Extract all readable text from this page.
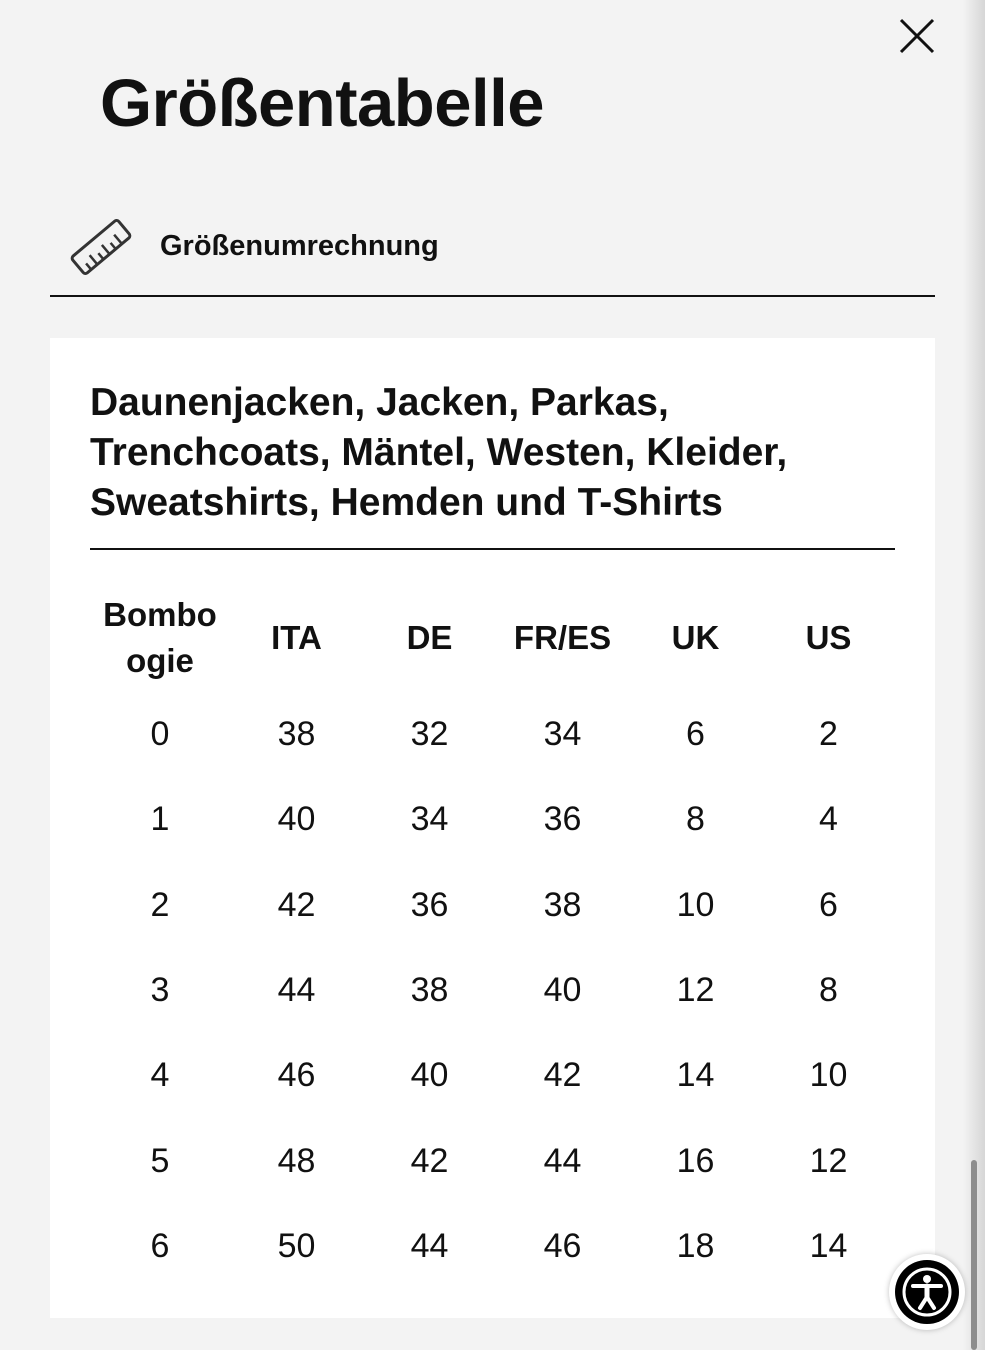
Größentabelle
Größenumrechnung
Daunenjacken, Jacken, Parkas, Trenchcoats, Mäntel, Westen, Kleider, Sweatshirts, Hemden und T-Shirts
Bombo ogie	ITA	DE	FR/ES	UK	US
0	38	32	34	6	2
1	40	34	36	8	4
2	42	36	38	10	6
3	44	38	40	12	8
4	46	40	42	14	10
5	48	42	44	16	12
6	50	44	46	18	14
